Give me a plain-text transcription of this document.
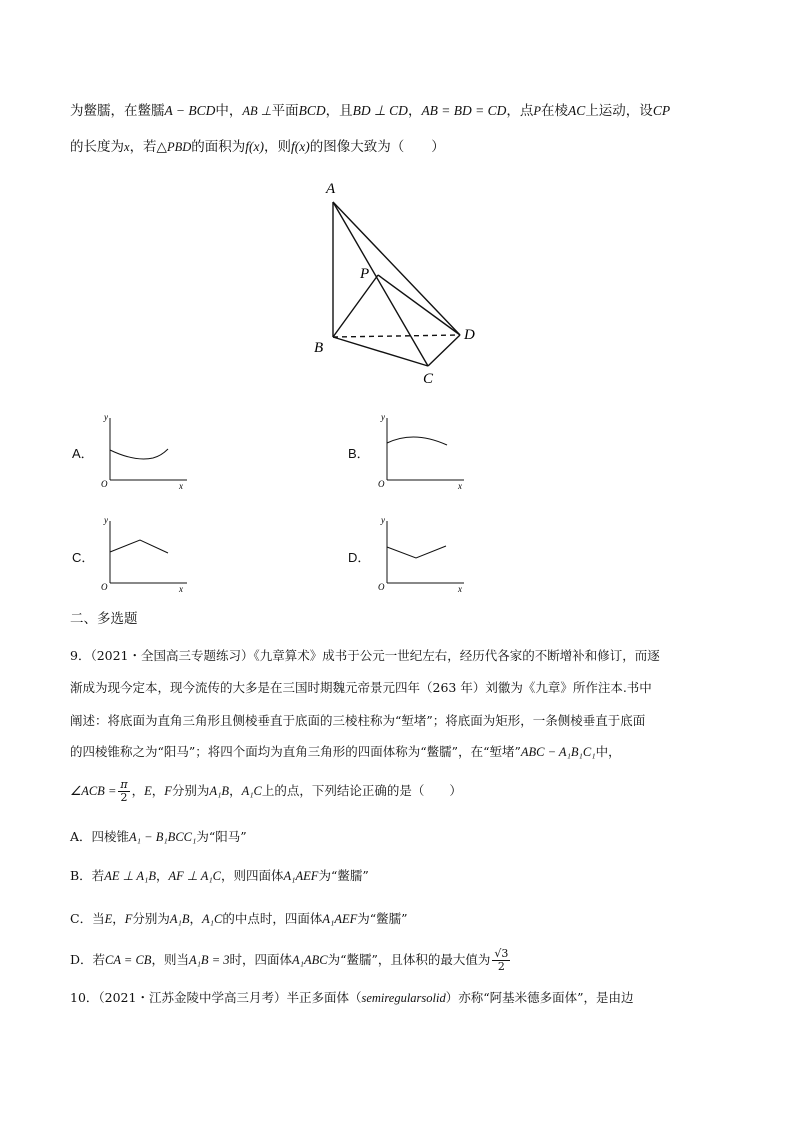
为鳖臑，在鳖臑A − BCD中，AB ⊥平面BCD，且BD ⊥ CD，AB = BD = CD，点P在棱AC上运动，设CP
的长度为x，若△PBD的面积为f(x)，则f(x)的图像大致为（　　）
A
P
B
C
D
A．
y
O	x
B．
y
O	x
C．
y
O	x
D．
y
O	x
二、多选题
9．（2021・全国高三专题练习）《九章算术》成书于公元一世纪左右，经历代各家的不断增补和修订，而逐
渐成为现今定本，现今流传的大多是在三国时期魏元帝景元四年（263 年）刘徽为《九章》所作注本.书中
阐述：将底面为直角三角形且侧棱垂直于底面的三棱柱称为“堑堵”；将底面为矩形，一条侧棱垂直于底面
的四棱锥称之为“阳马”；将四个面均为直角三角形的四面体称为“鳖臑”，在“堑堵”ABC − A₁B₁C₁中，
∠ACB = $\frac{\pi}{2}$ ，E，F分别为A₁B，A₁C上的点，下列结论正确的是（　　）
A．四棱锥A₁ − B₁BCC₁为“阳马”
B．若AE ⊥ A₁B，AF ⊥ A₁C，则四面体A₁AEF为“鳖臑”
C．当E，F分别为A₁B，A₁C的中点时，四面体A₁AEF为“鳖臑”
D．若CA = CB，则当A₁B = 3时，四面体A₁ABC为“鳖臑”，且体积的最大值为 $\frac{√3}{2}$
10．（2021・江苏金陵中学高三月考）半正多面体（semiregularsolid）亦称“阿基米德多面体”，是由边
